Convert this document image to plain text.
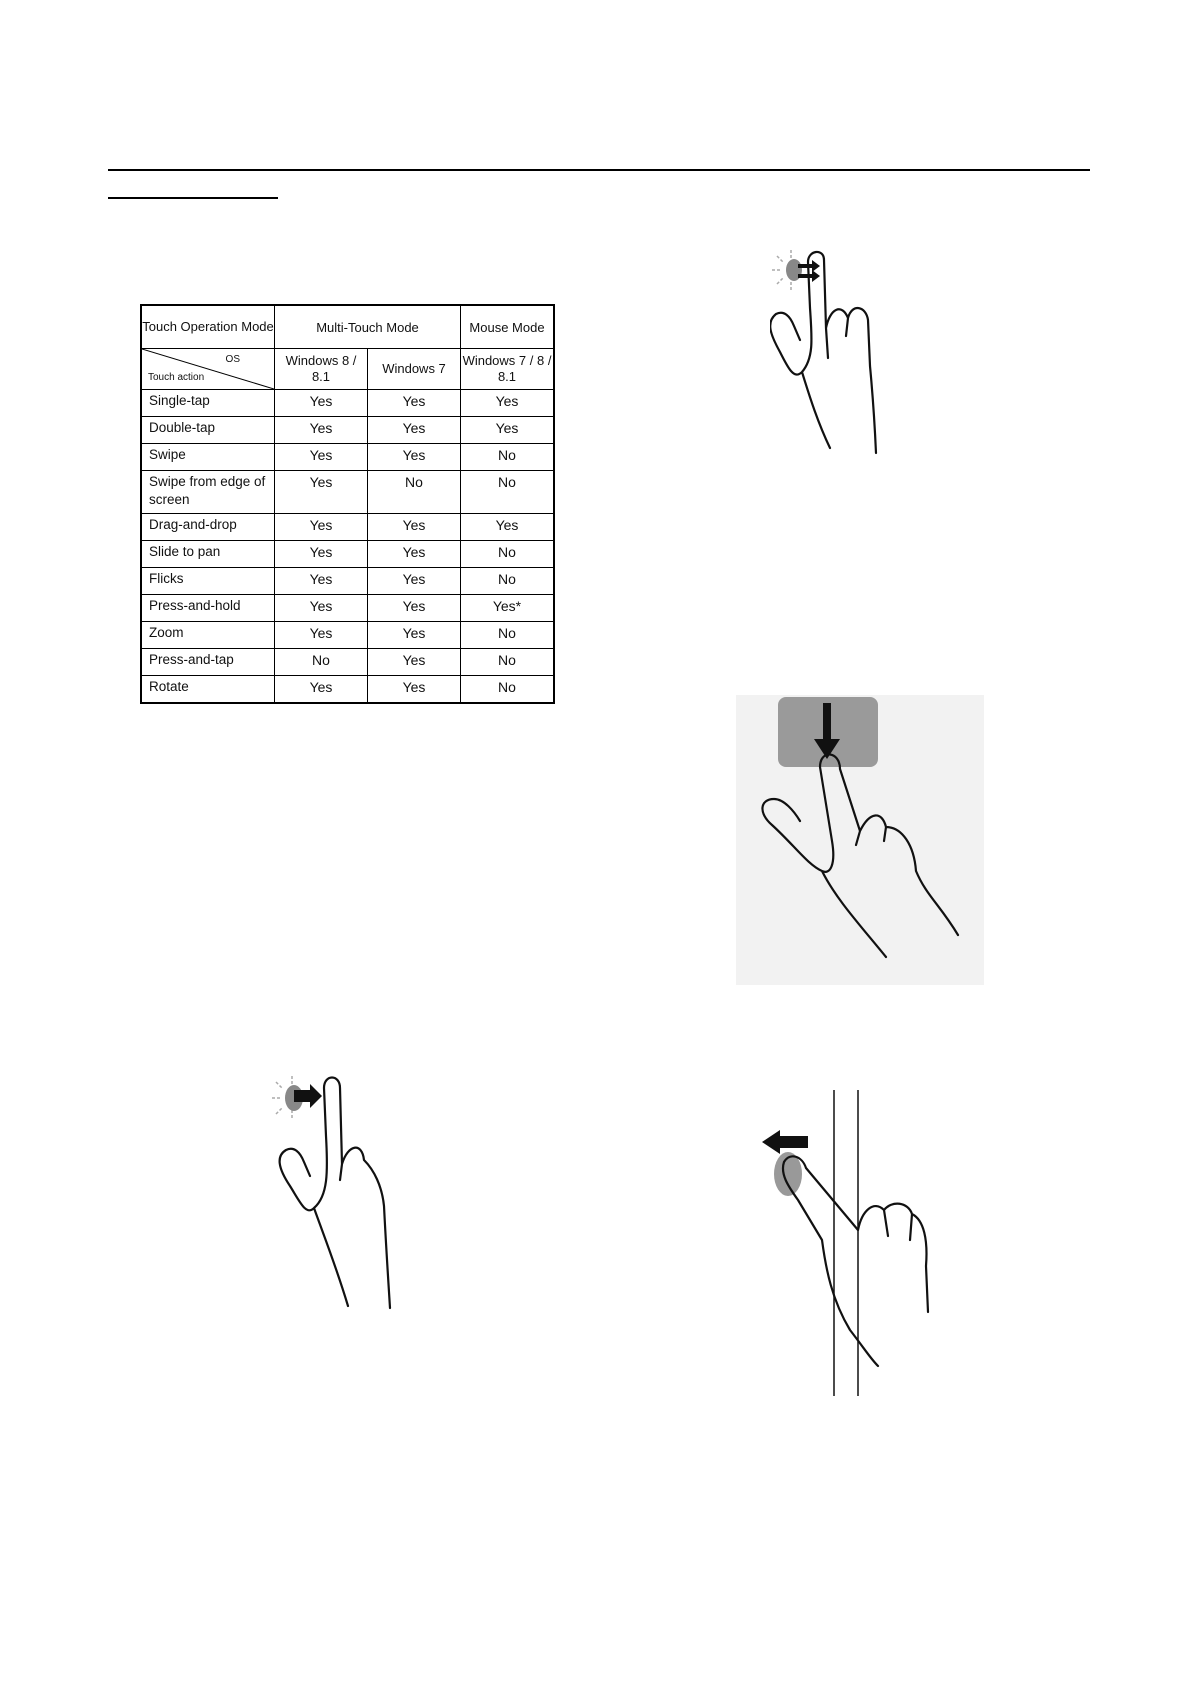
Touch Operation Mode	Multi-Touch Mode		Mouse Mode

OS
Touch action	Windows 8 / 8.1	Windows 7	Windows 7 / 8 / 8.1
Single-tap	Yes	Yes	Yes
Double-tap	Yes	Yes	Yes
Swipe	Yes	Yes	No
Swipe from edge of screen	Yes	No	No
Drag-and-drop	Yes	Yes	Yes
Slide to pan	Yes	Yes	No
Flicks	Yes	Yes	No
Press-and-hold	Yes	Yes	Yes*
Zoom	Yes	Yes	No
Press-and-tap	No	Yes	No
Rotate	Yes	Yes	No
